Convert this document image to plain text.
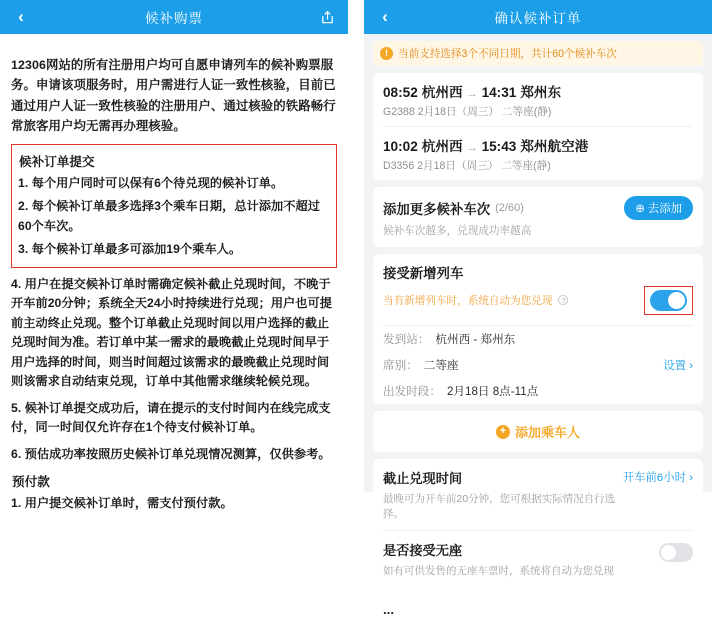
‹	候补购票

12306网站的所有注册用户均可自愿申请列车的候补购票服务。申请该项服务时，用户需进行人证一致性核验，目前已通过用户人证一致性核验的注册用户、通过核验的铁路畅行常旅客用户均无需再办理核验。

候补订单提交
1. 每个用户同时可以保有6个待兑现的候补订单。
2. 每个候补订单最多选择3个乘车日期，总计添加不超过60个车次。
3. 每个候补订单最多可添加19个乘车人。
4. 用户在提交候补订单时需确定候补截止兑现时间，不晚于开车前20分钟；系统全天24小时持续进行兑现；用户也可提前主动终止兑现。整个订单截止兑现时间以用户选择的截止兑现时间为准。若订单中某一需求的最晚截止兑现时间早于用户选择的时间，则当时间超过该需求的最晚截止兑现时间则该需求自动结束兑现，订单中其他需求继续轮候兑现。
5. 候补订单提交成功后，请在提示的支付时间内在线完成支付，同一时间仅允许存在1个待支付候补订单。
6. 预估成功率按照历史候补订单兑现情况测算，仅供参考。
预付款
1. 用户提交候补订单时，需支付预付款。
‹	确认候补订单
! 当前支持选择3个不同日期，共计60个候补车次
08:52 杭州西 → 14:31 郑州东
G2388 2月18日（周三） 二等座(静)
10:02 杭州西 → 15:43 郑州航空港
D3356 2月18日（周三） 二等座(静)
添加更多候补车次 (2/60)	⊕ 去添加
候补车次越多，兑现成功率越高
接受新增列车
当有新增列车时，系统自动为您兑现 ?
发到站： 杭州西 - 郑州东
席别： 二等座	设置 ›
出发时段： 2月18日 8点-11点
+ 添加乘车人
截止兑现时间
最晚可为开车前20分钟，您可根据实际情况自行选择。
开车前6小时 ›
是否接受无座
如有可供发售的无座车票时，系统将自动为您兑现
...
